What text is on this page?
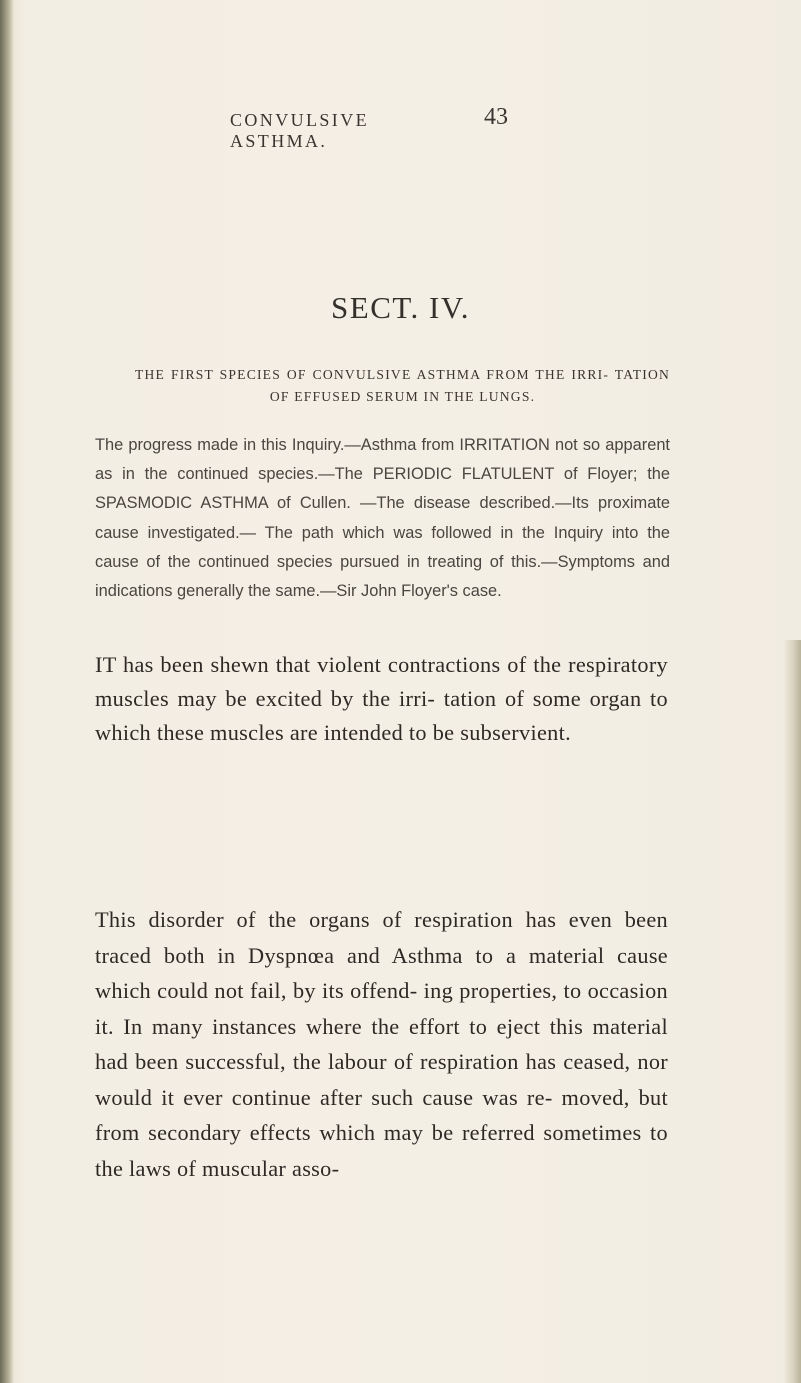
CONVULSIVE ASTHMA.
43
SECT. IV.
THE FIRST SPECIES OF CONVULSIVE ASTHMA FROM THE IRRI- TATION OF EFFUSED SERUM IN THE LUNGS.

The progress made in this Inquiry.—Asthma from IRRITATION not so apparent as in the continued species.—The PERIODIC FLATULENT of Floyer; the SPASMODIC ASTHMA of Cullen. —The disease described.—Its proximate cause investigated.— The path which was followed in the Inquiry into the cause of the continued species pursued in treating of this.—Symptoms and indications generally the same.—Sir John Floyer's case.

IT has been shewn that violent contractions of the respiratory muscles may be excited by the irri- tation of some organ to which these muscles are intended to be subservient.

This disorder of the organs of respiration has even been traced both in Dyspnœa and Asthma to a material cause which could not fail, by its offend- ing properties, to occasion it. In many instances where the effort to eject this material had been successful, the labour of respiration has ceased, nor would it ever continue after such cause was re- moved, but from secondary effects which may be referred sometimes to the laws of muscular asso-
